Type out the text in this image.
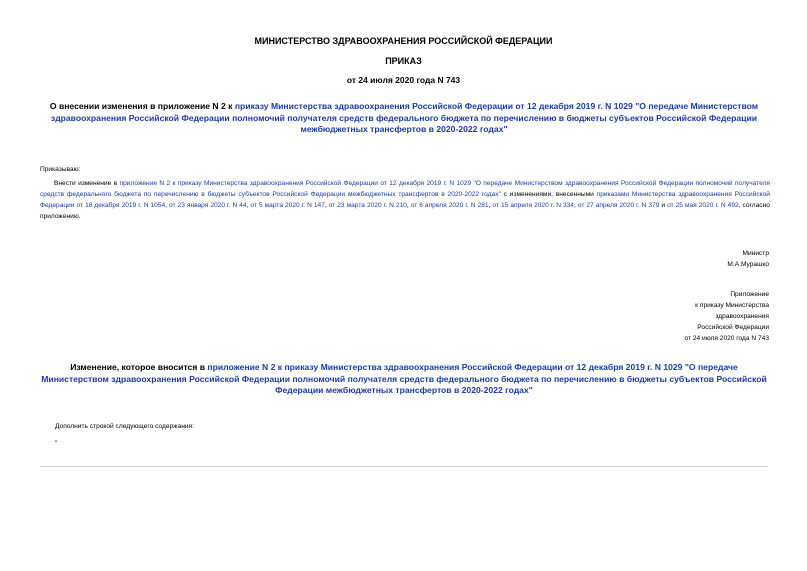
МИНИСТЕРСТВО ЗДРАВООХРАНЕНИЯ РОССИЙСКОЙ ФЕДЕРАЦИИ
ПРИКАЗ
от 24 июля 2020 года N 743
О внесении изменения в приложение N 2 к приказу Министерства здравоохранения Российской Федерации от 12 декабря 2019 г. N 1029 "О передаче Министерством здравоохранения Российской Федерации полномочий получателя средств федерального бюджета по перечислению в бюджеты субъектов Российской Федерации межбюджетных трансфертов в 2020-2022 годах"
Приказываю:
Внести изменение в приложение N 2 к приказу Министерства здравоохранения Российской Федерации от 12 декабря 2019 г. N 1029 "О передаче Министерством здравоохранения Российской Федерации полномочий получателя средств федерального бюджета по перечислению в бюджеты субъектов Российской Федерации межбюджетных трансфертов в 2020-2022 годах" с изменениями, внесенными приказами Министерства здравоохранения Российской Федерации от 18 декабря 2019 г. N 1054, от 23 января 2020 г. N 44, от 5 марта 2020 г. N 147, от 23 марта 2020 г. N 210, от 6 апреля 2020 г. N 281, от 15 апреля 2020 г. N 334, от 27 апреля 2020 г. N 379 и от 25 мая 2020 г. N 492, согласно приложению.
Министр
М.А.Мурашко
Приложение
к приказу Министерства
здравоохранения
Российской Федерации
от 24 июля 2020 года N 743
Изменение, которое вносится в приложение N 2 к приказу Министерства здравоохранения Российской Федерации от 12 декабря 2019 г. N 1029 "О передаче Министерством здравоохранения Российской Федерации полномочий получателя средств федерального бюджета по перечислению в бюджеты субъектов Российской Федерации межбюджетных трансфертов в 2020-2022 годах"
Дополнить строкой следующего содержания:
"
